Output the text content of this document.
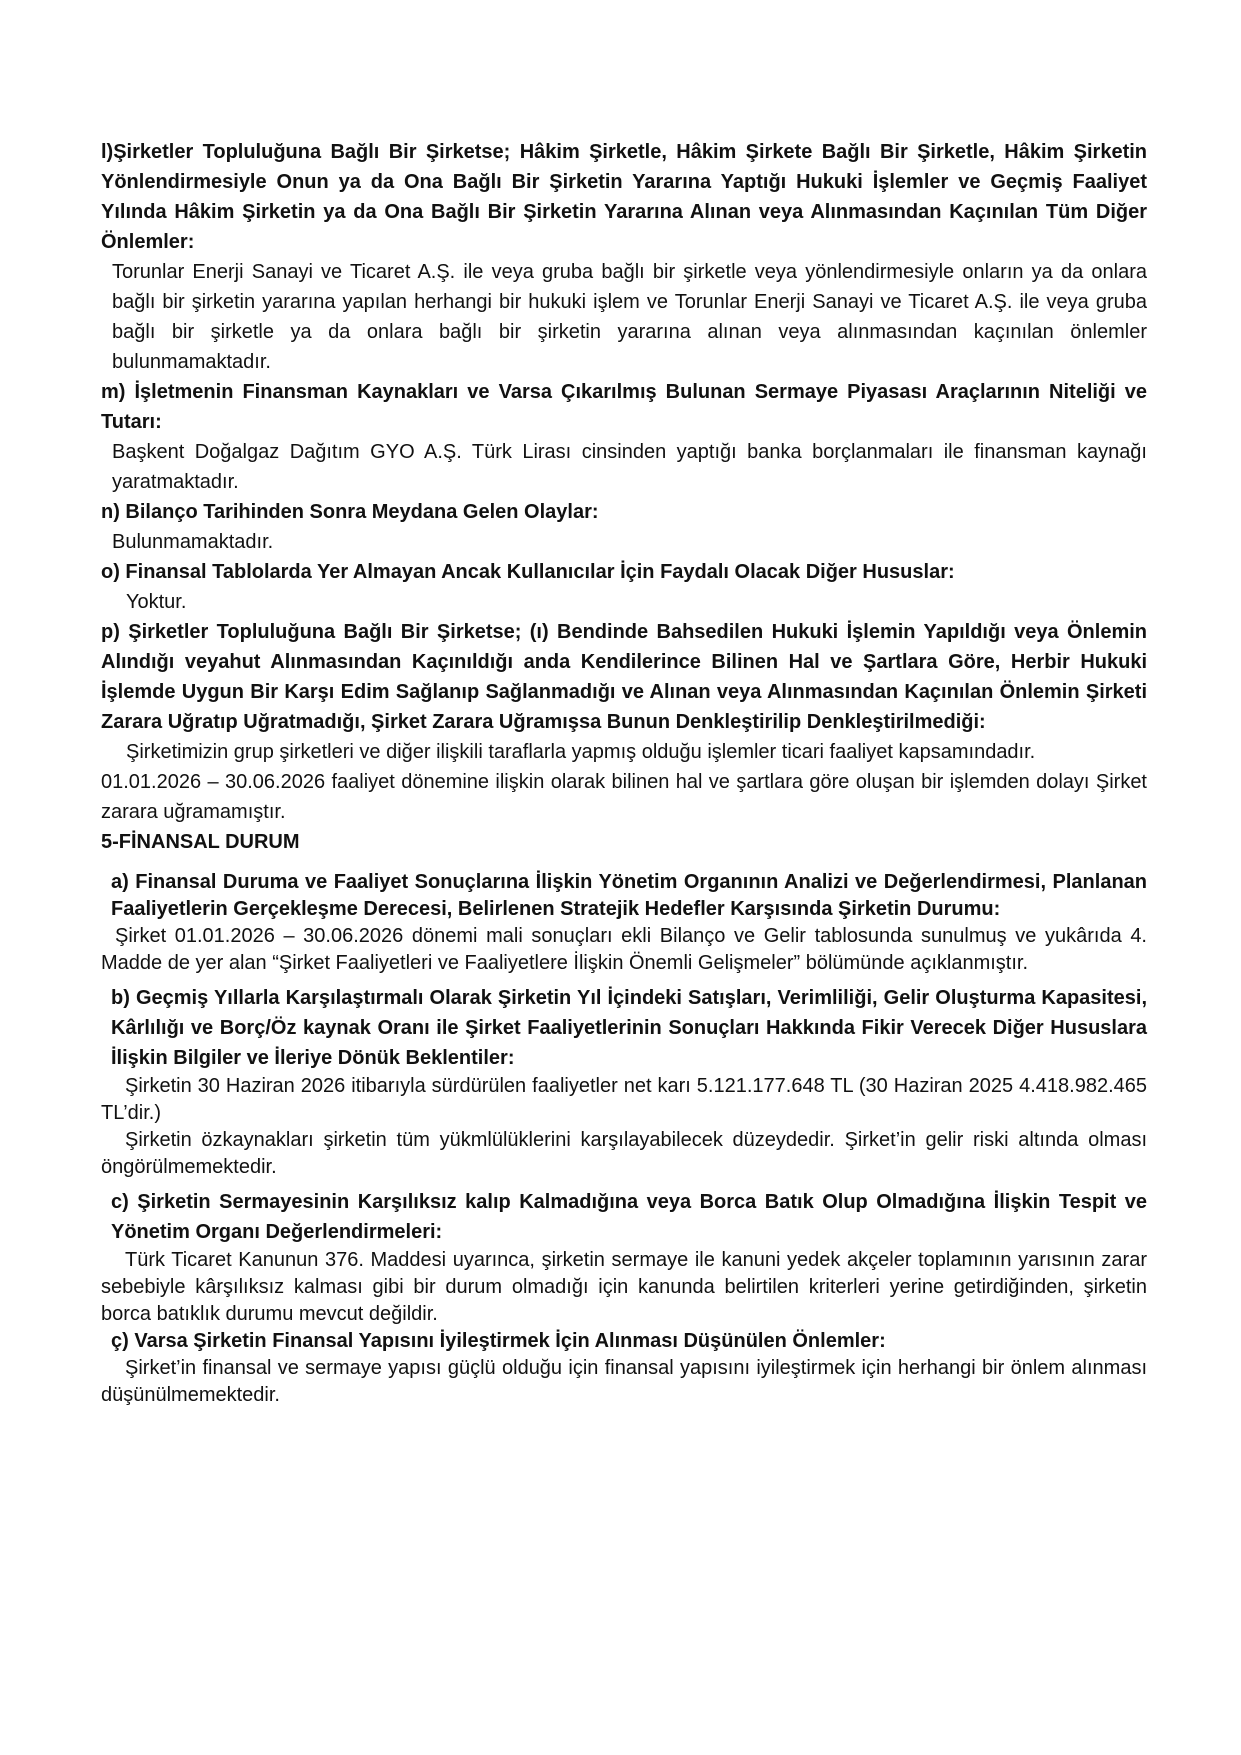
l)Şirketler Topluluğuna Bağlı Bir Şirketse; Hâkim Şirketle, Hâkim Şirkete Bağlı Bir Şirketle, Hâkim Şirketin Yönlendirmesiyle Onun ya da Ona Bağlı Bir Şirketin Yararına Yaptığı Hukuki İşlemler ve Geçmiş Faaliyet Yılında Hâkim Şirketin ya da Ona Bağlı Bir Şirketin Yararına Alınan veya Alınmasından Kaçınılan Tüm Diğer Önlemler:
Torunlar Enerji Sanayi ve Ticaret A.Ş. ile veya gruba bağlı bir şirketle veya yönlendirmesiyle onların ya da onlara bağlı bir şirketin yararına yapılan herhangi bir hukuki işlem ve Torunlar Enerji Sanayi ve Ticaret A.Ş. ile veya gruba bağlı bir şirketle ya da onlara bağlı bir şirketin yararına alınan veya alınmasından kaçınılan önlemler bulunmamaktadır.
m) İşletmenin Finansman Kaynakları ve Varsa Çıkarılmış Bulunan Sermaye Piyasası Araçlarının Niteliği ve Tutarı:
Başkent Doğalgaz Dağıtım GYO A.Ş. Türk Lirası cinsinden yaptığı banka borçlanmaları ile finansman kaynağı yaratmaktadır.
n) Bilanço Tarihinden Sonra Meydana Gelen Olaylar:
Bulunmamaktadır.
o) Finansal Tablolarda Yer Almayan Ancak Kullanıcılar İçin Faydalı Olacak Diğer Hususlar:
Yoktur.
p) Şirketler Topluluğuna Bağlı Bir Şirketse; (ı) Bendinde Bahsedilen Hukuki İşlemin Yapıldığı veya Önlemin Alındığı veyahut Alınmasından Kaçınıldığı anda Kendilerince Bilinen Hal ve Şartlara Göre, Herbir Hukuki İşlemde Uygun Bir Karşı Edim Sağlanıp Sağlanmadığı ve Alınan veya Alınmasından Kaçınılan Önlemin Şirketi Zarara Uğratıp Uğratmadığı, Şirket Zarara Uğramışsa Bunun Denkleştirilip Denkleştirilmediği:
Şirketimizin grup şirketleri ve diğer ilişkili taraflarla yapmış olduğu işlemler ticari faaliyet kapsamındadır.
01.01.2026 – 30.06.2026 faaliyet dönemine ilişkin olarak bilinen hal ve şartlara göre oluşan bir işlemden dolayı Şirket zarara uğramamıştır.
5-FİNANSAL DURUM
a) Finansal Duruma ve Faaliyet Sonuçlarına İlişkin Yönetim Organının Analizi ve Değerlendirmesi, Planlanan Faaliyetlerin Gerçekleşme Derecesi, Belirlenen Stratejik Hedefler Karşısında Şirketin Durumu:
Şirket 01.01.2026 – 30.06.2026 dönemi mali sonuçları ekli Bilanço ve Gelir tablosunda sunulmuş ve yukârıda 4. Madde de yer alan “Şirket Faaliyetleri ve Faaliyetlere İlişkin Önemli Gelişmeler” bölümünde açıklanmıştır.
b) Geçmiş Yıllarla Karşılaştırmalı Olarak Şirketin Yıl İçindeki Satışları, Verimliliği, Gelir Oluşturma Kapasitesi, Kârlılığı ve Borç/Öz kaynak Oranı ile Şirket Faaliyetlerinin Sonuçları Hakkında Fikir Verecek Diğer Hususlara İlişkin Bilgiler ve İleriye Dönük Beklentiler:
Şirketin 30 Haziran 2026 itibarıyla sürdürülen faaliyetler net karı 5.121.177.648 TL (30 Haziran 2025 4.418.982.465 TL’dir.)
Şirketin özkaynakları şirketin tüm yükmlülüklerini karşılayabilecek düzeydedir. Şirket’in gelir riski altında olması öngörülmemektedir.
c) Şirketin Sermayesinin Karşılıksız kalıp Kalmadığına veya Borca Batık Olup Olmadığına İlişkin Tespit ve Yönetim Organı Değerlendirmeleri:
Türk Ticaret Kanunun 376. Maddesi uyarınca, şirketin sermaye ile kanuni yedek akçeler toplamının yarısının zarar sebebiyle kârşılıksız kalması gibi bir durum olmadığı için kanunda belirtilen kriterleri yerine getirdiğinden, şirketin borca batıklık durumu mevcut değildir.
ç) Varsa Şirketin Finansal Yapısını İyileştirmek İçin Alınması Düşünülen Önlemler:
Şirket’in finansal ve sermaye yapısı güçlü olduğu için finansal yapısını iyileştirmek için herhangi bir önlem alınması düşünülmemektedir.
